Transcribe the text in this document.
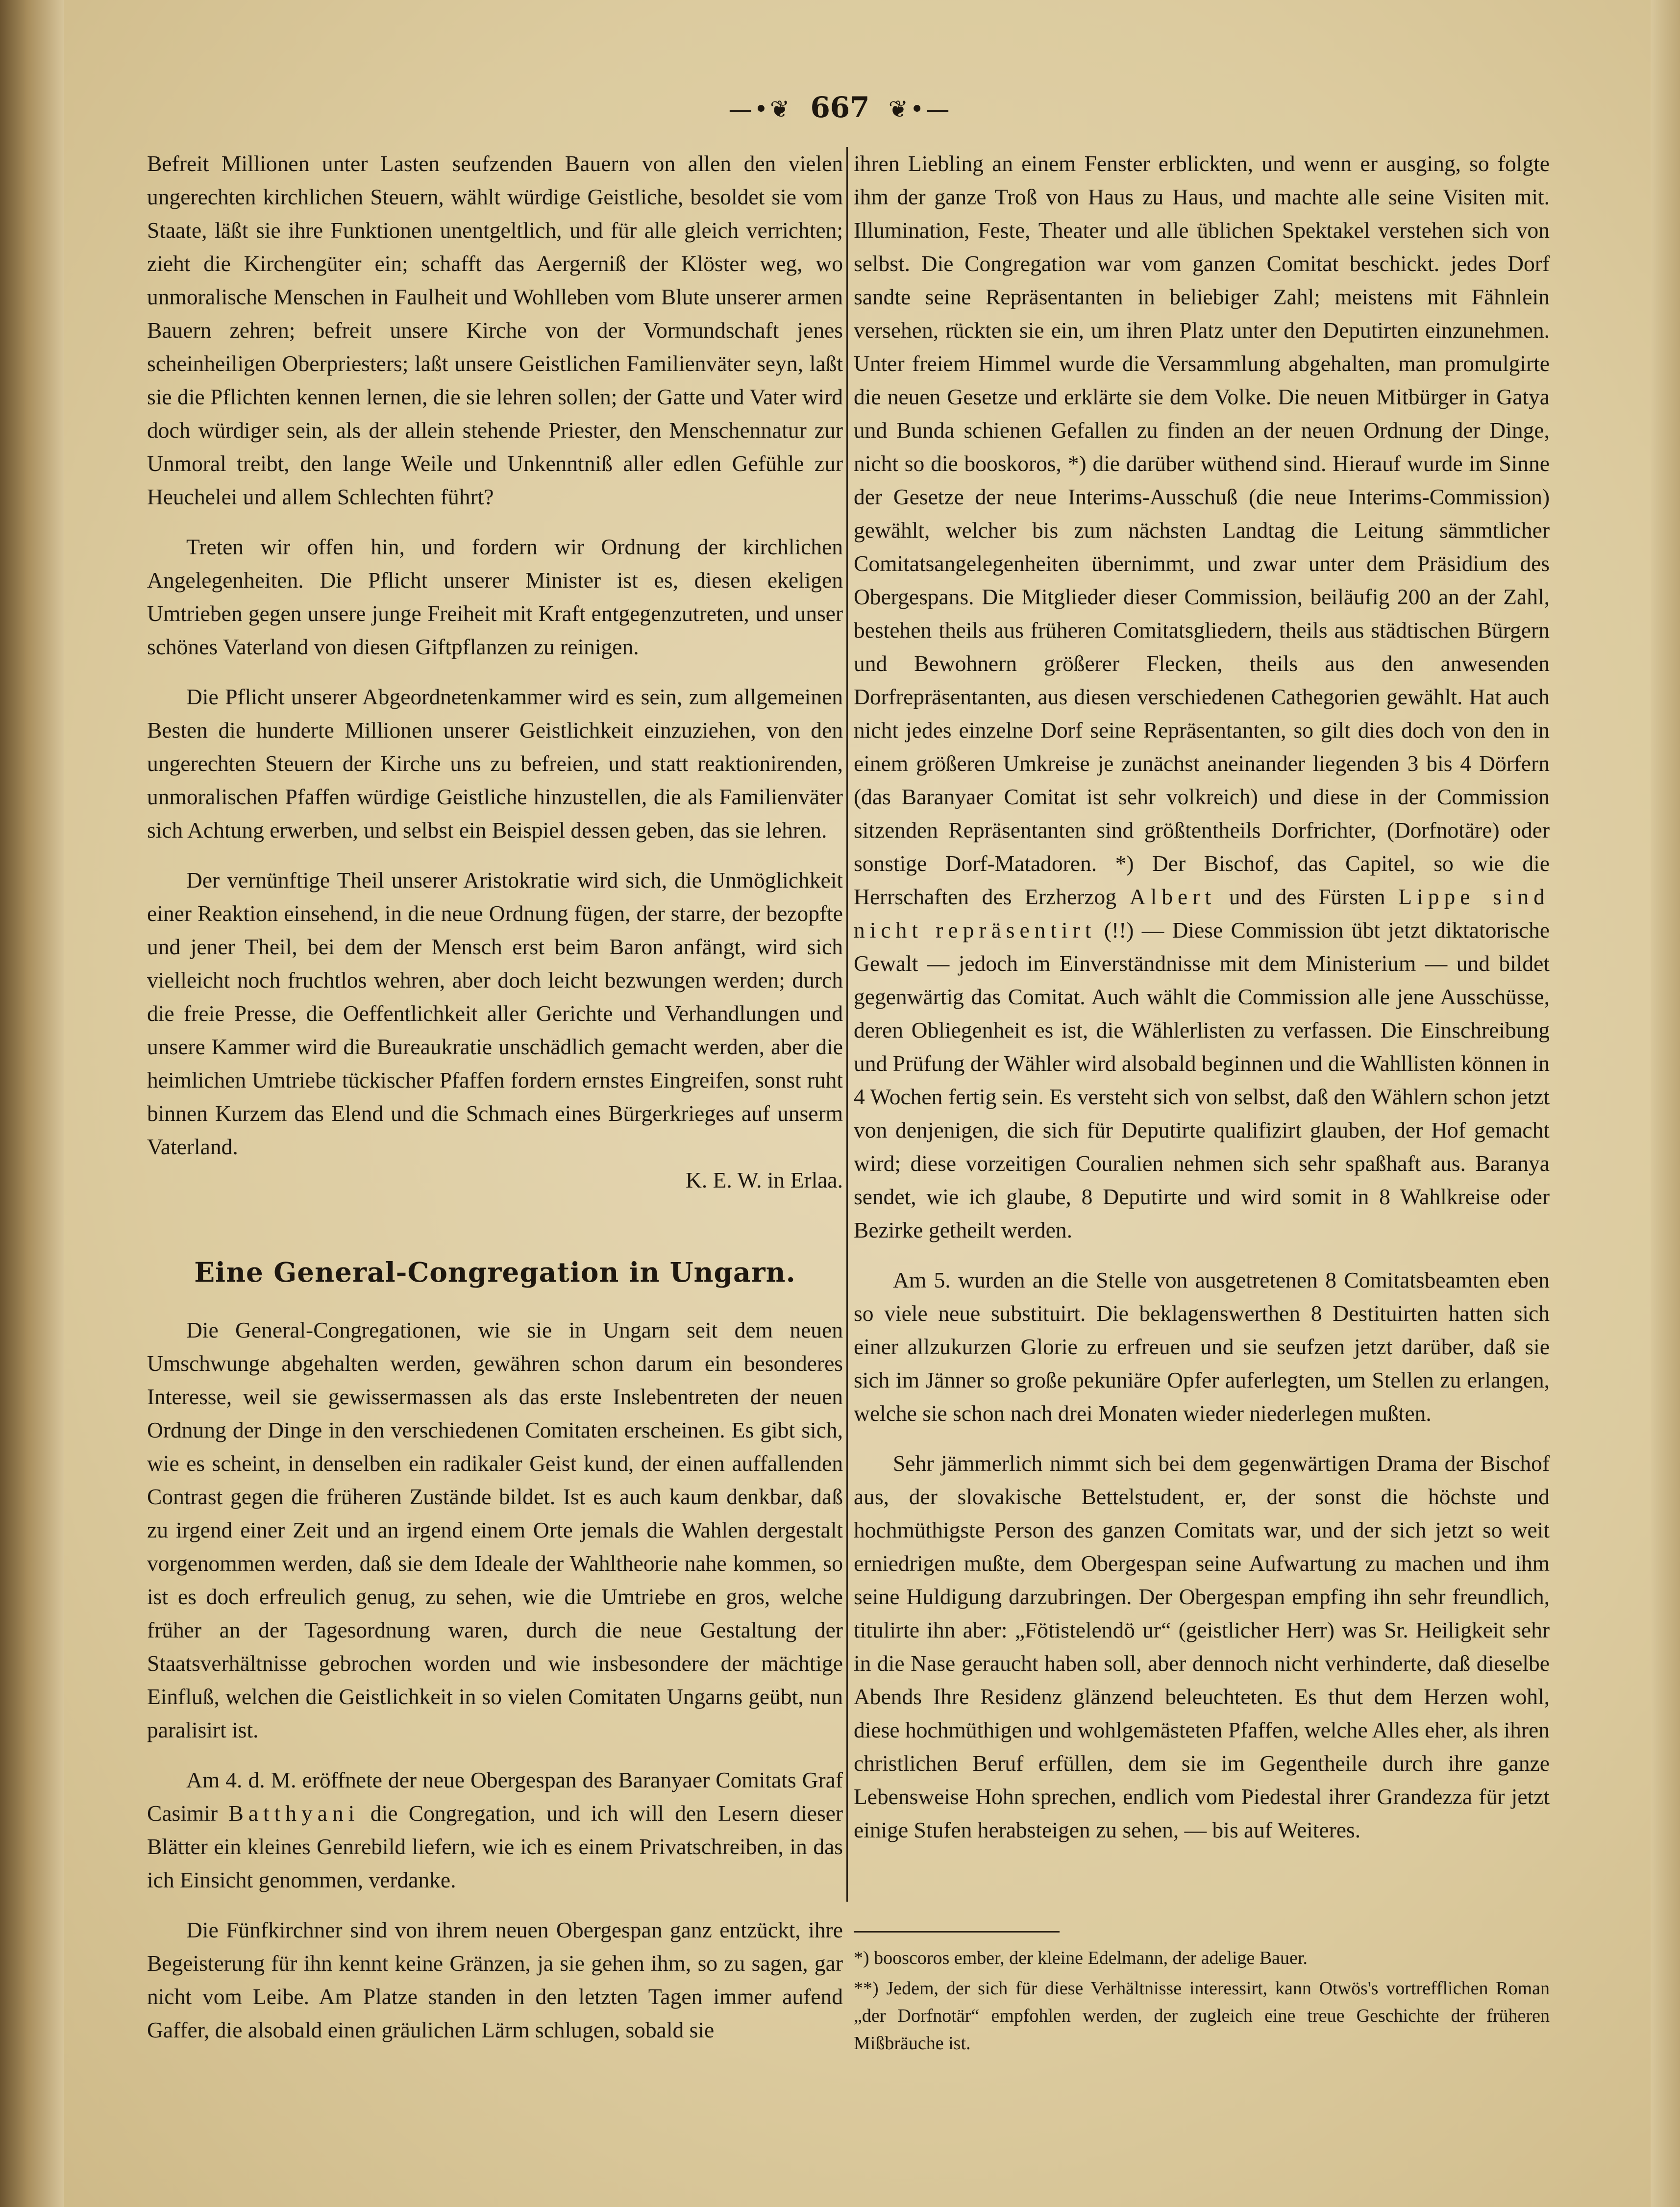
—•❦ 667 ❦•—

Befreit Millionen unter Lasten seufzenden Bauern von allen den vielen ungerechten kirchlichen Steuern, wählt würdige Geistliche, besoldet sie vom Staate, läßt sie ihre Funktionen unentgeltlich, und für alle gleich verrichten; zieht die Kirchengüter ein; schafft das Aergerniß der Klöster weg, wo unmoralische Menschen in Faulheit und Wohlleben vom Blute unserer armen Bauern zehren; befreit unsere Kirche von der Vormundschaft jenes scheinheiligen Oberpriesters; laßt unsere Geistlichen Familienväter seyn, laßt sie die Pflichten kennen lernen, die sie lehren sollen; der Gatte und Vater wird doch würdiger sein, als der allein stehende Priester, den Menschennatur zur Unmoral treibt, den lange Weile und Unkenntniß aller edlen Gefühle zur Heuchelei und allem Schlechten führt?

Treten wir offen hin, und fordern wir Ordnung der kirchlichen Angelegenheiten. Die Pflicht unserer Minister ist es, diesen ekeligen Umtrieben gegen unsere junge Freiheit mit Kraft entgegenzutreten, und unser schönes Vaterland von diesen Giftpflanzen zu reinigen.

Die Pflicht unserer Abgeordnetenkammer wird es sein, zum allgemeinen Besten die hunderte Millionen unserer Geistlichkeit einzuziehen, von den ungerechten Steuern der Kirche uns zu befreien, und statt reaktionirenden, unmoralischen Pfaffen würdige Geistliche hinzustellen, die als Familienväter sich Achtung erwerben, und selbst ein Beispiel dessen geben, das sie lehren.

Der vernünftige Theil unserer Aristokratie wird sich, die Unmöglichkeit einer Reaktion einsehend, in die neue Ordnung fügen, der starre, der bezopfte und jener Theil, bei dem der Mensch erst beim Baron anfängt, wird sich vielleicht noch fruchtlos wehren, aber doch leicht bezwungen werden; durch die freie Presse, die Oeffentlichkeit aller Gerichte und Verhandlungen und unsere Kammer wird die Bureaukratie unschädlich gemacht werden, aber die heimlichen Umtriebe tückischer Pfaffen fordern ernstes Eingreifen, sonst ruht binnen Kurzem das Elend und die Schmach eines Bürgerkrieges auf unserm Vaterland.

K. E. W. in Erlaa.
Eine General-Congregation in Ungarn.

Die General-Congregationen, wie sie in Ungarn seit dem neuen Umschwunge abgehalten werden, gewähren schon darum ein besonderes Interesse, weil sie gewissermassen als das erste Inslebentreten der neuen Ordnung der Dinge in den verschiedenen Comitaten erscheinen. Es gibt sich, wie es scheint, in denselben ein radikaler Geist kund, der einen auffallenden Contrast gegen die früheren Zustände bildet. Ist es auch kaum denkbar, daß zu irgend einer Zeit und an irgend einem Orte jemals die Wahlen dergestalt vorgenommen werden, daß sie dem Ideale der Wahltheorie nahe kommen, so ist es doch erfreulich genug, zu sehen, wie die Umtriebe en gros, welche früher an der Tagesordnung waren, durch die neue Gestaltung der Staatsverhältnisse gebrochen worden und wie insbesondere der mächtige Einfluß, welchen die Geistlichkeit in so vielen Comitaten Ungarns geübt, nun paralisirt ist.

Am 4. d. M. eröffnete der neue Obergespan des Baranyaer Comitats Graf Casimir Batthyani die Congregation, und ich will den Lesern dieser Blätter ein kleines Genrebild liefern, wie ich es einem Privatschreiben, in das ich Einsicht genommen, verdanke.

Die Fünfkirchner sind von ihrem neuen Obergespan ganz entzückt, ihre Begeisterung für ihn kennt keine Gränzen, ja sie gehen ihm, so zu sagen, gar nicht vom Leibe. Am Platze standen in den letzten Tagen immer aufend Gaffer, die alsobald einen gräulichen Lärm schlugen, sobald sie

ihren Liebling an einem Fenster erblickten, und wenn er ausging, so folgte ihm der ganze Troß von Haus zu Haus, und machte alle seine Visiten mit. Illumination, Feste, Theater und alle üblichen Spektakel verstehen sich von selbst. Die Congregation war vom ganzen Comitat beschickt. jedes Dorf sandte seine Repräsentanten in beliebiger Zahl; meistens mit Fähnlein versehen, rückten sie ein, um ihren Platz unter den Deputirten einzunehmen. Unter freiem Himmel wurde die Versammlung abgehalten, man promulgirte die neuen Gesetze und erklärte sie dem Volke. Die neuen Mitbürger in Gatya und Bunda schienen Gefallen zu finden an der neuen Ordnung der Dinge, nicht so die booskoros, *) die darüber wüthend sind. Hierauf wurde im Sinne der Gesetze der neue Interims-Ausschuß (die neue Interims-Commission) gewählt, welcher bis zum nächsten Landtag die Leitung sämmtlicher Comitatsangelegenheiten übernimmt, und zwar unter dem Präsidium des Obergespans. Die Mitglieder dieser Commission, beiläufig 200 an der Zahl, bestehen theils aus früheren Comitatsgliedern, theils aus städtischen Bürgern und Bewohnern größerer Flecken, theils aus den anwesenden Dorfrepräsentanten, aus diesen verschiedenen Cathegorien gewählt. Hat auch nicht jedes einzelne Dorf seine Repräsentanten, so gilt dies doch von den in einem größeren Umkreise je zunächst aneinander liegenden 3 bis 4 Dörfern (das Baranyaer Comitat ist sehr volkreich) und diese in der Commission sitzenden Repräsentanten sind größtentheils Dorfrichter, (Dorfnotäre) oder sonstige Dorf-Matadoren. *) Der Bischof, das Capitel, so wie die Herrschaften des Erzherzog Albert und des Fürsten Lippe sind nicht repräsentirt (!!) — Diese Commission übt jetzt diktatorische Gewalt — jedoch im Einverständnisse mit dem Ministerium — und bildet gegenwärtig das Comitat. Auch wählt die Commission alle jene Ausschüsse, deren Obliegenheit es ist, die Wählerlisten zu verfassen. Die Einschreibung und Prüfung der Wähler wird alsobald beginnen und die Wahllisten können in 4 Wochen fertig sein. Es versteht sich von selbst, daß den Wählern schon jetzt von denjenigen, die sich für Deputirte qualifizirt glauben, der Hof gemacht wird; diese vorzeitigen Couralien nehmen sich sehr spaßhaft aus. Baranya sendet, wie ich glaube, 8 Deputirte und wird somit in 8 Wahlkreise oder Bezirke getheilt werden.

Am 5. wurden an die Stelle von ausgetretenen 8 Comitatsbeamten eben so viele neue substituirt. Die beklagenswerthen 8 Destituirten hatten sich einer allzukurzen Glorie zu erfreuen und sie seufzen jetzt darüber, daß sie sich im Jänner so große pekuniäre Opfer auferlegten, um Stellen zu erlangen, welche sie schon nach drei Monaten wieder niederlegen mußten.

Sehr jämmerlich nimmt sich bei dem gegenwärtigen Drama der Bischof aus, der slovakische Bettelstudent, er, der sonst die höchste und hochmüthigste Person des ganzen Comitats war, und der sich jetzt so weit erniedrigen mußte, dem Obergespan seine Aufwartung zu machen und ihm seine Huldigung darzubringen. Der Obergespan empfing ihn sehr freundlich, titulirte ihn aber: „Fötistelendö ur“ (geistlicher Herr) was Sr. Heiligkeit sehr in die Nase geraucht haben soll, aber dennoch nicht verhinderte, daß dieselbe Abends Ihre Residenz glänzend beleuchteten. Es thut dem Herzen wohl, diese hochmüthigen und wohlgemästeten Pfaffen, welche Alles eher, als ihren christlichen Beruf erfüllen, dem sie im Gegentheile durch ihre ganze Lebensweise Hohn sprechen, endlich vom Piedestal ihrer Grandezza für jetzt einige Stufen herabsteigen zu sehen, — bis auf Weiteres.

*) booscoros ember, der kleine Edelmann, der adelige Bauer.

**) Jedem, der sich für diese Verhältnisse interessirt, kann Otwös's vortrefflichen Roman „der Dorfnotär“ empfohlen werden, der zugleich eine treue Geschichte der früheren Mißbräuche ist.
